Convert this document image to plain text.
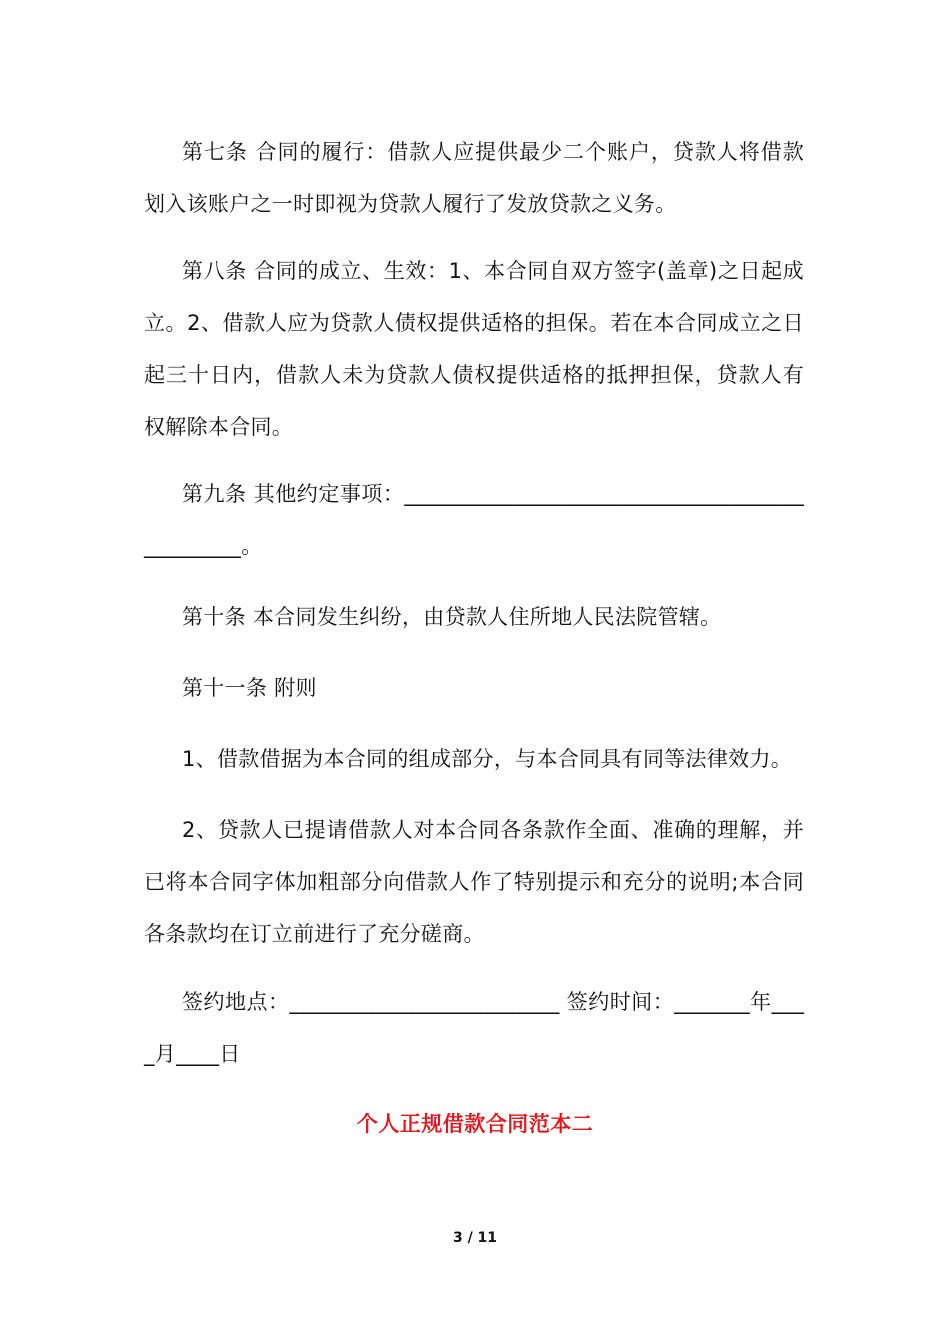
第七条 合同的履行：借款人应提供最少二个账户，贷款人将借款划入该账户之一时即视为贷款人履行了发放贷款之义务。

第八条 合同的成立、生效：1、本合同自双方签字(盖章)之日起成立。2、借款人应为贷款人债权提供适格的担保。若在本合同成立之日起三十日内，借款人未为贷款人债权提供适格的抵押担保，贷款人有权解除本合同。

第九条 其他约定事项：______________________________________________。

第十条 本合同发生纠纷，由贷款人住所地人民法院管辖。

第十一条 附则

1、借款借据为本合同的组成部分，与本合同具有同等法律效力。

2、贷款人已提请借款人对本合同各条款作全面、准确的理解，并已将本合同字体加粗部分向借款人作了特别提示和充分的说明;本合同各条款均在订立前进行了充分磋商。

签约地点：_________________________ 签约时间：_______年____月____日

个人正规借款合同范本二
3 / 11
